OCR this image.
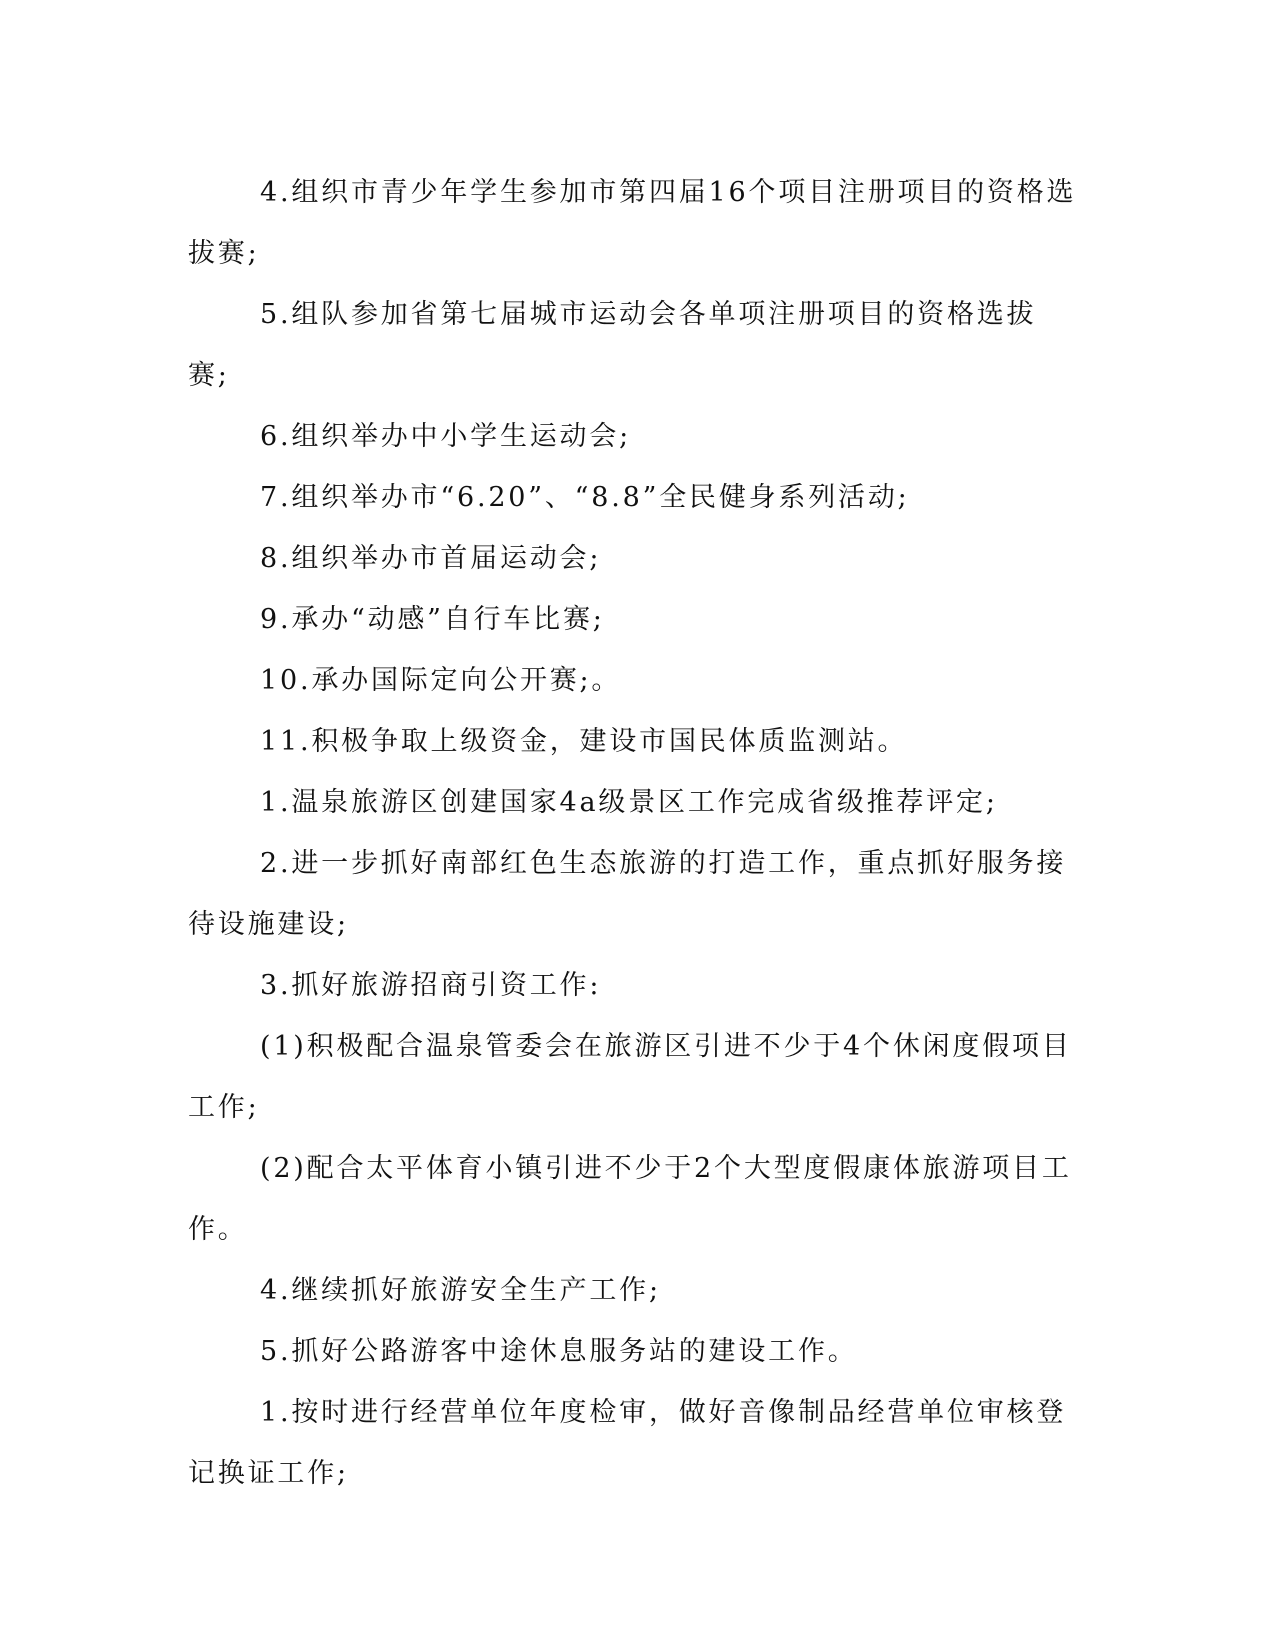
4.组织市青少年学生参加市第四届16个项目注册项目的资格选拔赛;

5.组队参加省第七届城市运动会各单项注册项目的资格选拔赛;

6.组织举办中小学生运动会;

7.组织举办市“6.20”、“8.8”全民健身系列活动;

8.组织举办市首届运动会;

9.承办“动感”自行车比赛;

10.承办国际定向公开赛;。

11.积极争取上级资金，建设市国民体质监测站。

1.温泉旅游区创建国家4a级景区工作完成省级推荐评定;

2.进一步抓好南部红色生态旅游的打造工作，重点抓好服务接待设施建设;

3.抓好旅游招商引资工作:

(1)积极配合温泉管委会在旅游区引进不少于4个休闲度假项目工作;

(2)配合太平体育小镇引进不少于2个大型度假康体旅游项目工作。

4.继续抓好旅游安全生产工作;

5.抓好公路游客中途休息服务站的建设工作。

1.按时进行经营单位年度检审，做好音像制品经营单位审核登记换证工作;
